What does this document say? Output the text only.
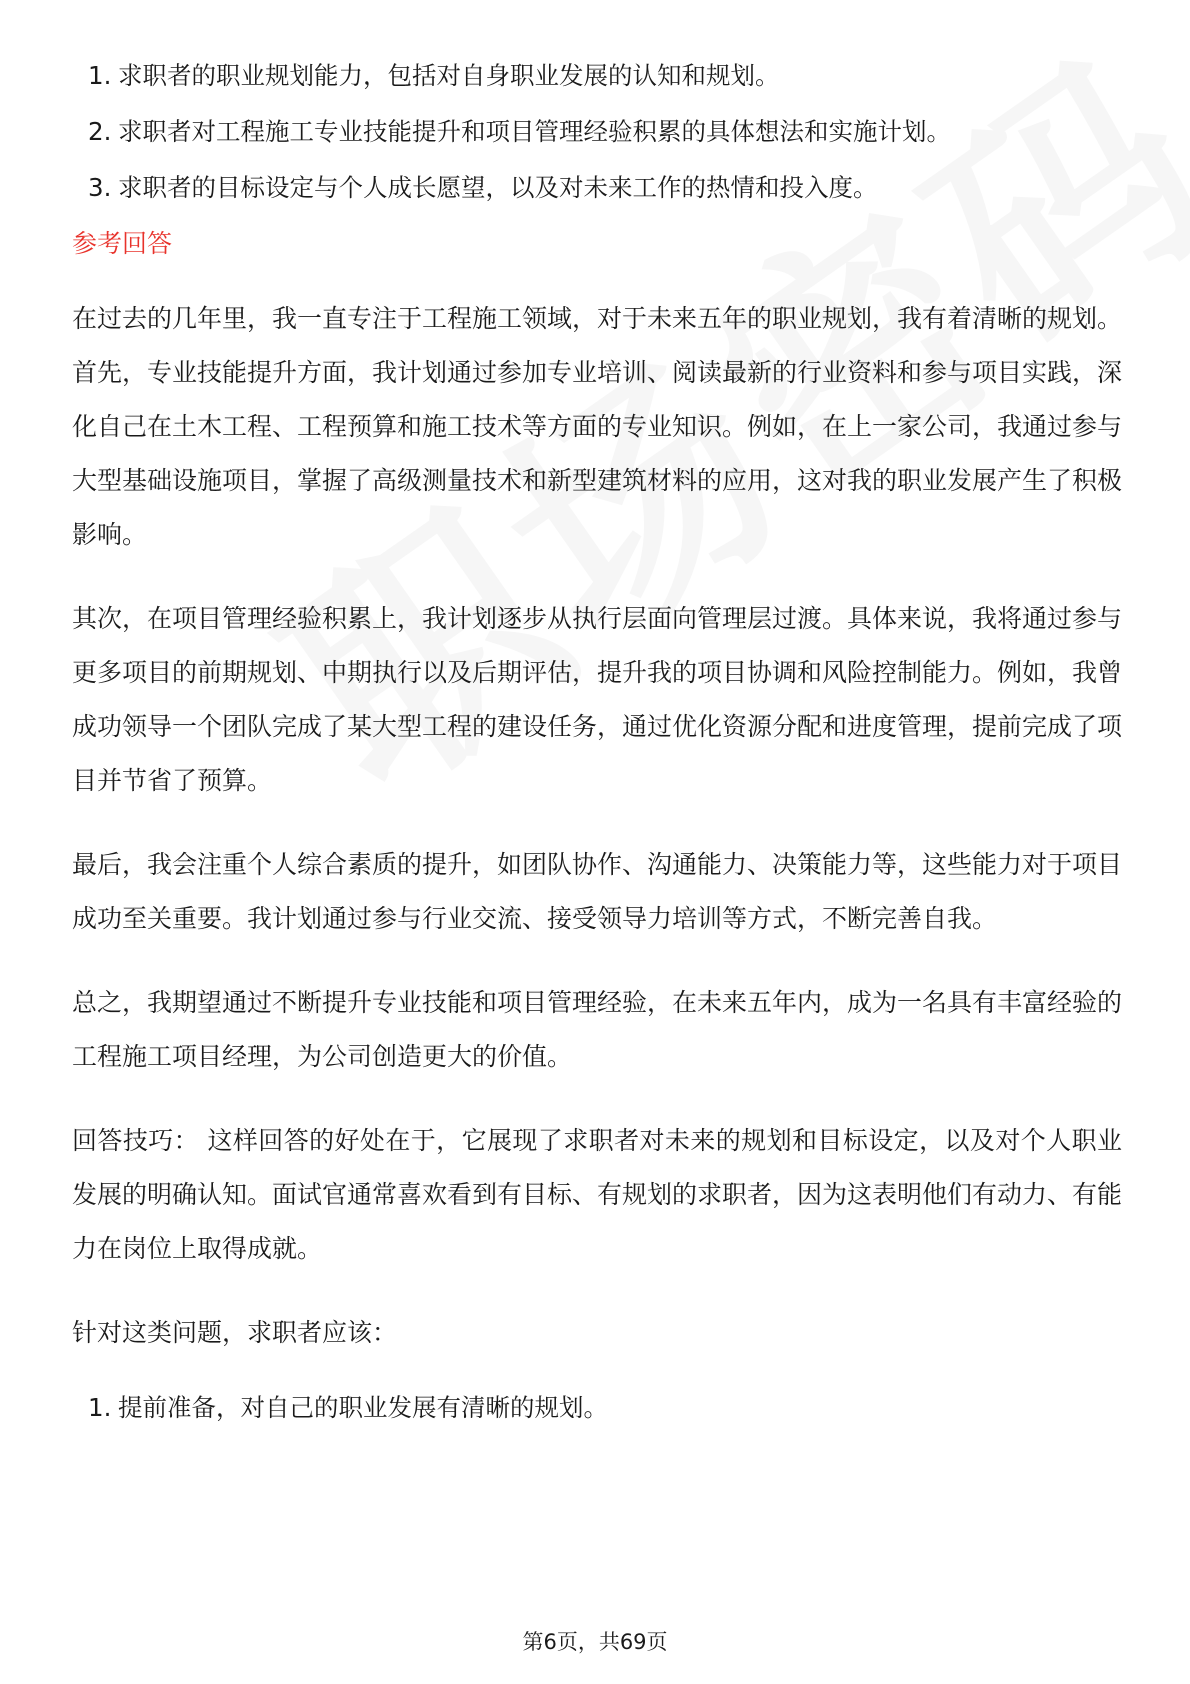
1. 求职者的职业规划能力，包括对自身职业发展的认知和规划。
2. 求职者对工程施工专业技能提升和项目管理经验积累的具体想法和实施计划。
3. 求职者的目标设定与个人成长愿望，以及对未来工作的热情和投入度。
参考回答

在过去的几年里，我一直专注于工程施工领域，对于未来五年的职业规划，我有着清晰的规划。首先，专业技能提升方面，我计划通过参加专业培训、阅读最新的行业资料和参与项目实践，深化自己在土木工程、工程预算和施工技术等方面的专业知识。例如，在上一家公司，我通过参与大型基础设施项目，掌握了高级测量技术和新型建筑材料的应用，这对我的职业发展产生了积极影响。

其次，在项目管理经验积累上，我计划逐步从执行层面向管理层过渡。具体来说，我将通过参与更多项目的前期规划、中期执行以及后期评估，提升我的项目协调和风险控制能力。例如，我曾成功领导一个团队完成了某大型工程的建设任务，通过优化资源分配和进度管理，提前完成了项目并节省了预算。

最后，我会注重个人综合素质的提升，如团队协作、沟通能力、决策能力等，这些能力对于项目成功至关重要。我计划通过参与行业交流、接受领导力培训等方式，不断完善自我。

总之，我期望通过不断提升专业技能和项目管理经验，在未来五年内，成为一名具有丰富经验的工程施工项目经理，为公司创造更大的价值。

回答技巧： 这样回答的好处在于，它展现了求职者对未来的规划和目标设定，以及对个人职业发展的明确认知。面试官通常喜欢看到有目标、有规划的求职者，因为这表明他们有动力、有能力在岗位上取得成就。

针对这类问题，求职者应该：

1. 提前准备，对自己的职业发展有清晰的规划。
第6页，共69页
